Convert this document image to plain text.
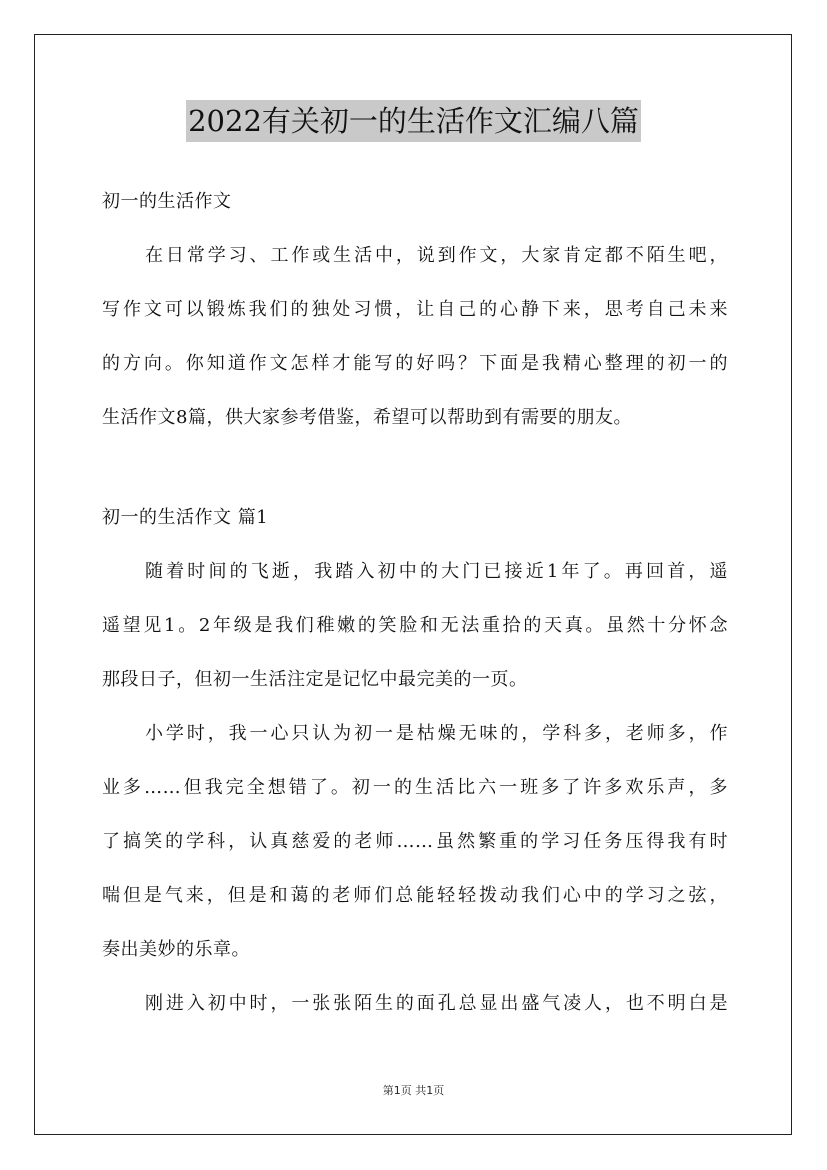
2022有关初一的生活作文汇编八篇
初一的生活作文
在日常学习、工作或生活中，说到作文，大家肯定都不陌生吧，
写作文可以锻炼我们的独处习惯，让自己的心静下来，思考自己未来
的方向。你知道作文怎样才能写的好吗？下面是我精心整理的初一的
生活作文8篇，供大家参考借鉴，希望可以帮助到有需要的朋友。
初一的生活作文 篇1
随着时间的飞逝，我踏入初中的大门已接近1年了。再回首，遥
遥望见1。2年级是我们稚嫩的笑脸和无法重拾的天真。虽然十分怀念
那段日子，但初一生活注定是记忆中最完美的一页。
小学时，我一心只认为初一是枯燥无味的，学科多，老师多，作
业多……但我完全想错了。初一的生活比六一班多了许多欢乐声，多
了搞笑的学科，认真慈爱的老师……虽然繁重的学习任务压得我有时
喘但是气来，但是和蔼的老师们总能轻轻拨动我们心中的学习之弦，
奏出美妙的乐章。
刚进入初中时，一张张陌生的面孔总显出盛气凌人，也不明白是
第1页 共1页
